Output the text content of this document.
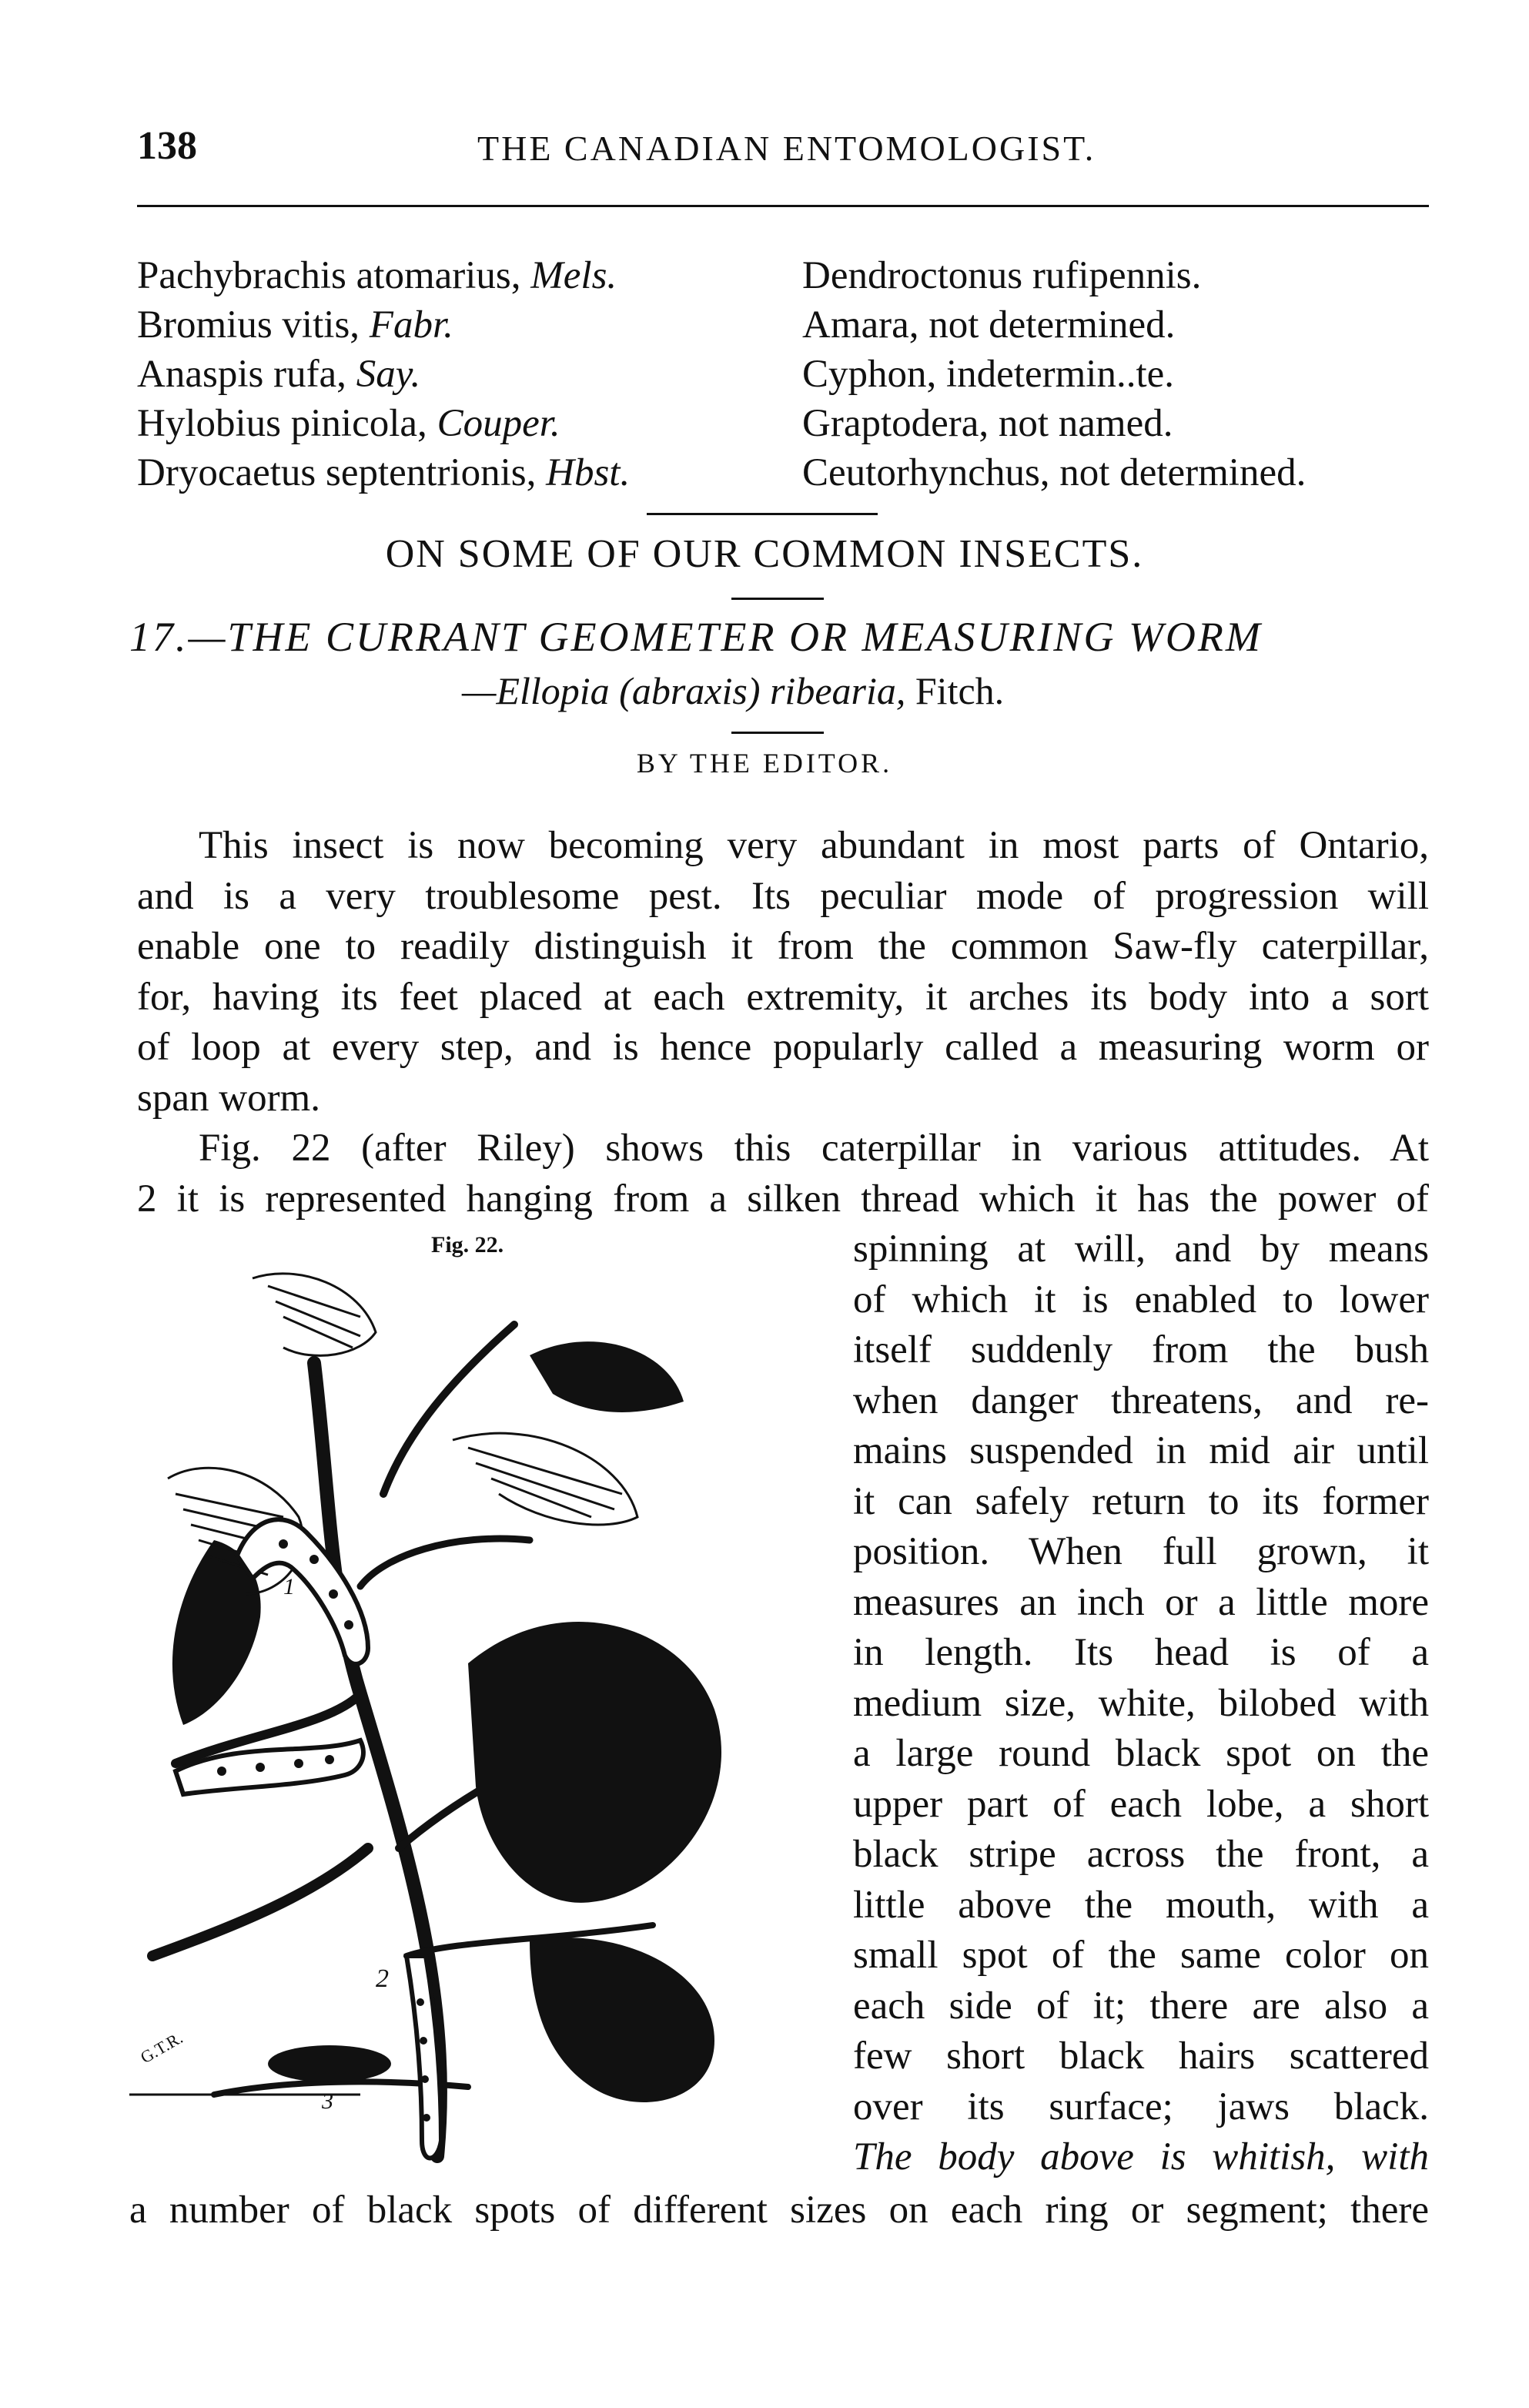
138	THE CANADIAN ENTOMOLOGIST.
Pachybrachis atomarius, Mels.
Bromius vitis, Fabr.
Anaspis rufa, Say.
Hylobius pinicola, Couper.
Dryocaetus septentrionis, Hbst.
Dendroctonus rufipennis.
Amara, not determined.
Cyphon, indetermin..te.
Graptodera, not named.
Ceutorhynchus, not determined.
ON SOME OF OUR COMMON INSECTS.
17.—THE CURRANT GEOMETER OR MEASURING WORM
—Ellopia (abraxis) ribearia, Fitch.
BY THE EDITOR.
This insect is now becoming very abundant in most parts of Ontario,
and is a very troublesome pest. Its peculiar mode of progression will
enable one to readily distinguish it from the common Saw-fly caterpillar,
for, having its feet placed at each extremity, it arches its body into a sort
of loop at every step, and is hence popularly called a measuring worm or
span worm.
Fig. 22 (after Riley) shows this caterpillar in various attitudes. At
2 it is represented hanging from a silken thread which it has the power of
Fig. 22.
1
2
3
G.T.R.
spinning at will, and by means
of which it is enabled to lower
itself suddenly from the bush
when danger threatens, and re-
mains suspended in mid air until
it can safely return to its former
position. When full grown, it
measures an inch or a little more
in length. Its head is of a
medium size, white, bilobed with
a large round black spot on the
upper part of each lobe, a short
black stripe across the front, a
little above the mouth, with a
small spot of the same color on
each side of it; there are also a
few short black hairs scattered
over its surface; jaws black.
The body above is whitish, with
a number of black spots of different sizes on each ring or segment; there
